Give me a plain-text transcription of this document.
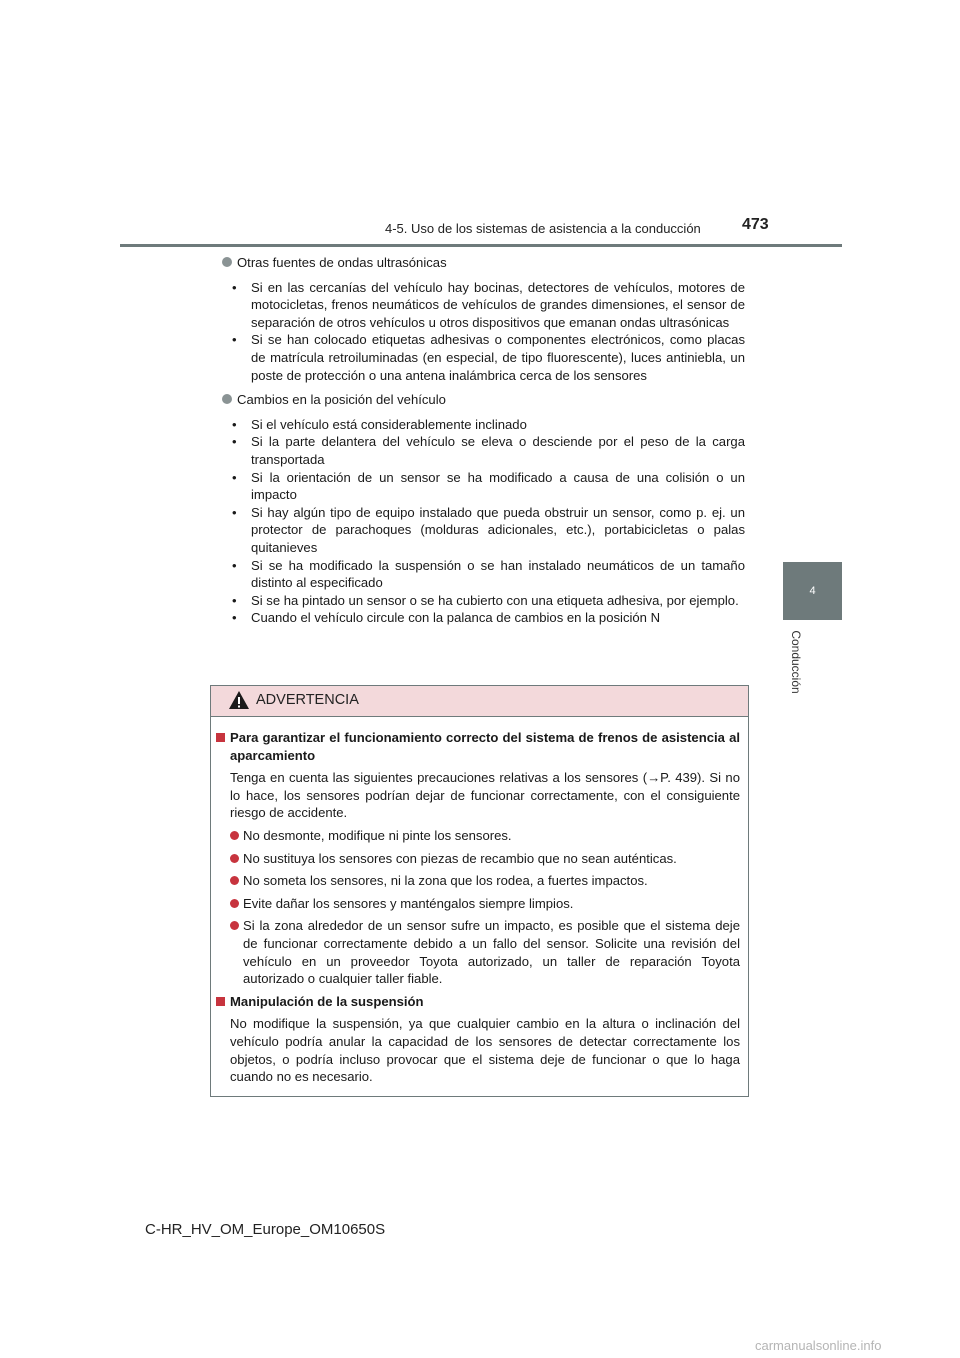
4-5. Uso de los sistemas de asistencia a la conducción	473
4
Conducción
Otras fuentes de ondas ultrasónicas
• Si en las cercanías del vehículo hay bocinas, detectores de vehículos, motores de motocicletas, frenos neumáticos de vehículos de grandes dimensiones, el sensor de separación de otros vehículos u otros dispositivos que emanan ondas ultrasónicas
• Si se han colocado etiquetas adhesivas o componentes electrónicos, como placas de matrícula retroiluminadas (en especial, de tipo fluorescente), luces antiniebla, un poste de protección o una antena inalámbrica cerca de los sensores
Cambios en la posición del vehículo
• Si el vehículo está considerablemente inclinado
• Si la parte delantera del vehículo se eleva o desciende por el peso de la carga transportada
• Si la orientación de un sensor se ha modificado a causa de una colisión o un impacto
• Si hay algún tipo de equipo instalado que pueda obstruir un sensor, como p. ej. un protector de parachoques (molduras adicionales, etc.), portabicicletas o palas quitanieves
• Si se ha modificado la suspensión o se han instalado neumáticos de un tamaño distinto al especificado
• Si se ha pintado un sensor o se ha cubierto con una etiqueta adhesiva, por ejemplo.
• Cuando el vehículo circule con la palanca de cambios en la posición N
ADVERTENCIA
Para garantizar el funcionamiento correcto del sistema de frenos de asistencia al aparcamiento
Tenga en cuenta las siguientes precauciones relativas a los sensores (→P. 439). Si no lo hace, los sensores podrían dejar de funcionar correctamente, con el consiguiente riesgo de accidente.
No desmonte, modifique ni pinte los sensores.
No sustituya los sensores con piezas de recambio que no sean auténticas.
No someta los sensores, ni la zona que los rodea, a fuertes impactos.
Evite dañar los sensores y manténgalos siempre limpios.
Si la zona alrededor de un sensor sufre un impacto, es posible que el sistema deje de funcionar correctamente debido a un fallo del sensor. Solicite una revisión del vehículo en un proveedor Toyota autorizado, un taller de reparación Toyota autorizado o cualquier taller fiable.
Manipulación de la suspensión
No modifique la suspensión, ya que cualquier cambio en la altura o inclinación del vehículo podría anular la capacidad de los sensores de detectar correctamente los objetos, o podría incluso provocar que el sistema deje de funcionar o que lo haga cuando no es necesario.
C-HR_HV_OM_Europe_OM10650S
carmanualsonline.info
